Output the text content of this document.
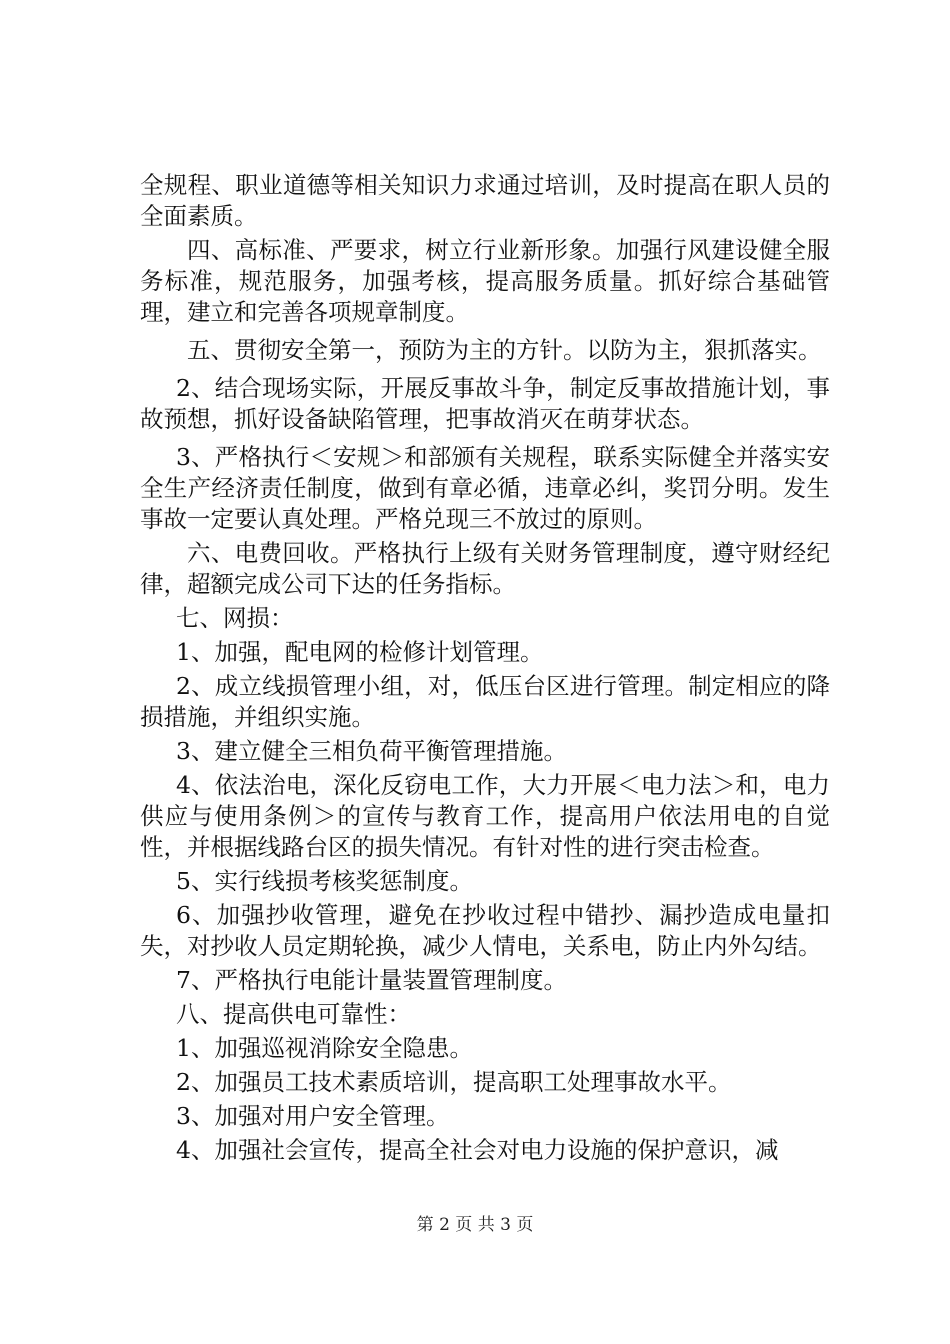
全规程、职业道德等相关知识力求通过培训，及时提高在职人员的全面素质。

四、高标准、严要求，树立行业新形象。加强行风建设健全服务标准，规范服务，加强考核，提高服务质量。抓好综合基础管理，建立和完善各项规章制度。

五、贯彻安全第一，预防为主的方针。以防为主，狠抓落实。

2、结合现场实际，开展反事故斗争，制定反事故措施计划，事故预想，抓好设备缺陷管理，把事故消灭在萌芽状态。

3、严格执行＜安规＞和部颁有关规程，联系实际健全并落实安全生产经济责任制度，做到有章必循，违章必纠，奖罚分明。发生事故一定要认真处理。严格兑现三不放过的原则。

六、电费回收。严格执行上级有关财务管理制度，遵守财经纪律，超额完成公司下达的任务指标。

七、网损：

1、加强，配电网的检修计划管理。

2、成立线损管理小组，对，低压台区进行管理。制定相应的降损措施，并组织实施。

3、建立健全三相负荷平衡管理措施。

4、依法治电，深化反窃电工作，大力开展＜电力法＞和，电力供应与使用条例＞的宣传与教育工作，提高用户依法用电的自觉性，并根据线路台区的损失情况。有针对性的进行突击检查。

5、实行线损考核奖惩制度。

6、加强抄收管理，避免在抄收过程中错抄、漏抄造成电量扣失，对抄收人员定期轮换，减少人情电，关系电，防止内外勾结。

7、严格执行电能计量装置管理制度。

八、提高供电可靠性：

1、加强巡视消除安全隐患。

2、加强员工技术素质培训，提高职工处理事故水平。

3、加强对用户安全管理。

4、加强社会宣传，提高全社会对电力设施的保护意识，减

第 2 页 共 3 页
